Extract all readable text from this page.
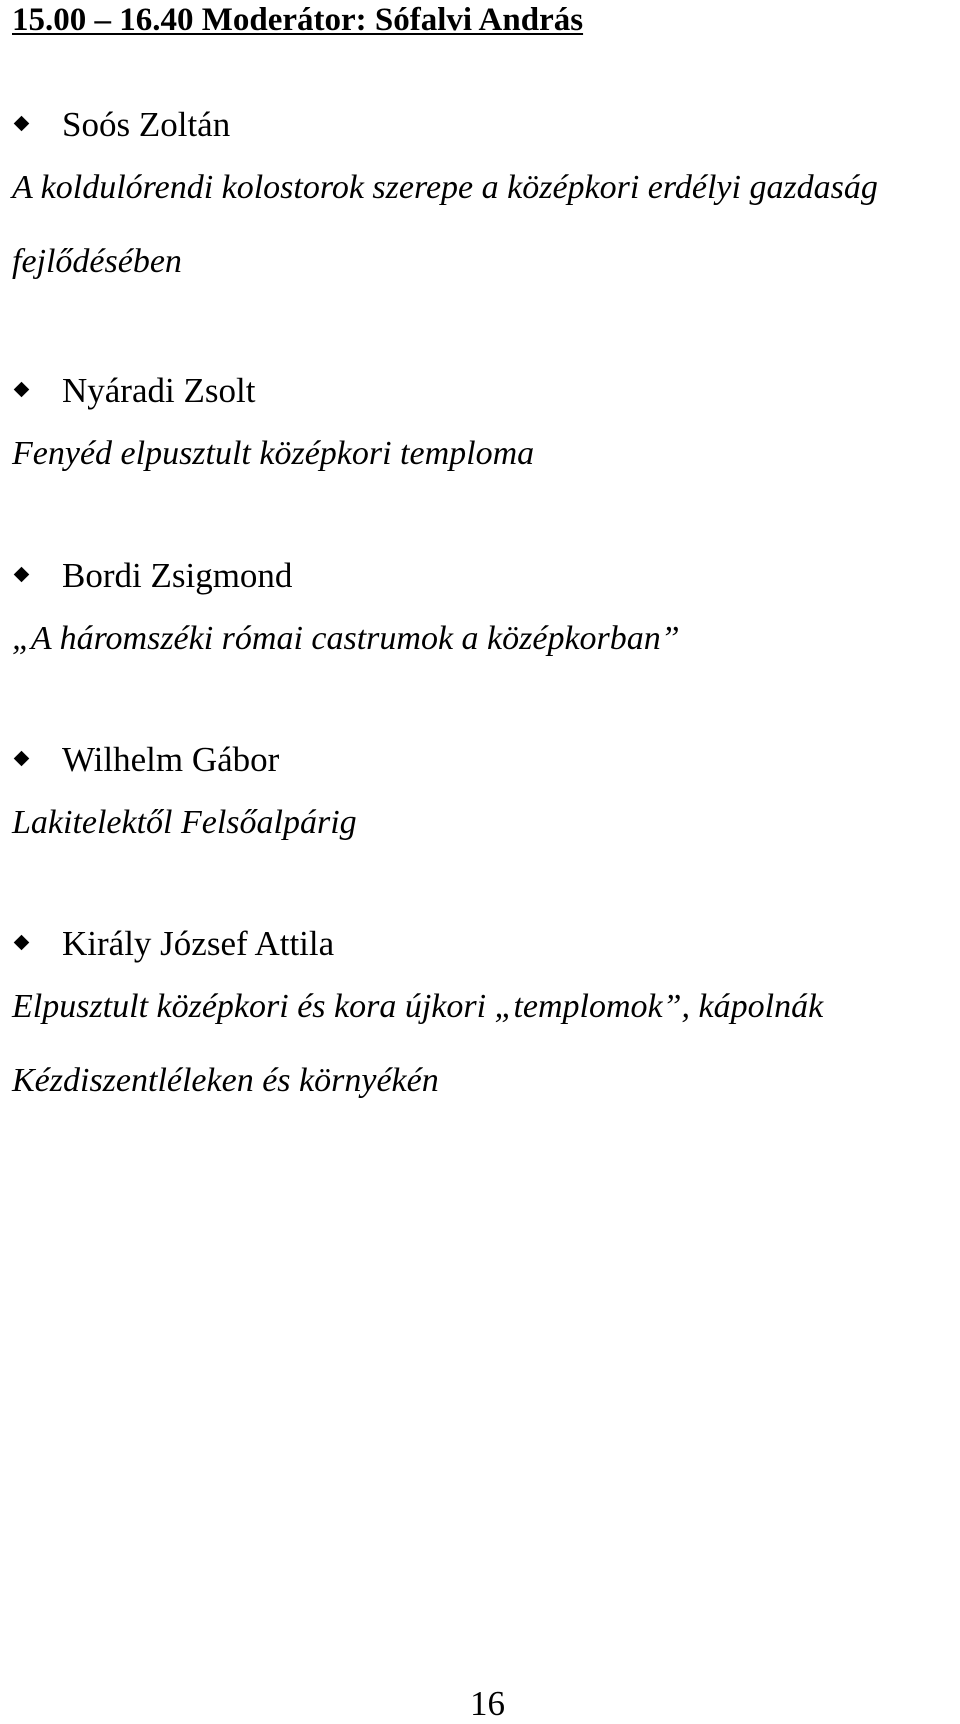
15.00 – 16.40 Moderátor: Sófalvi András
Soós Zoltán
A koldulórendi kolostorok szerepe a középkori erdélyi gazdaság fejlődésében
Nyáradi Zsolt
Fenyéd elpusztult középkori temploma
Bordi Zsigmond
„A háromszéki római castrumok a középkorban”
Wilhelm Gábor
Lakitelektől Felsőalpárig
Király József Attila
Elpusztult középkori és kora újkori „templomok”, kápolnák Kézdiszentléleken és környékén
16
